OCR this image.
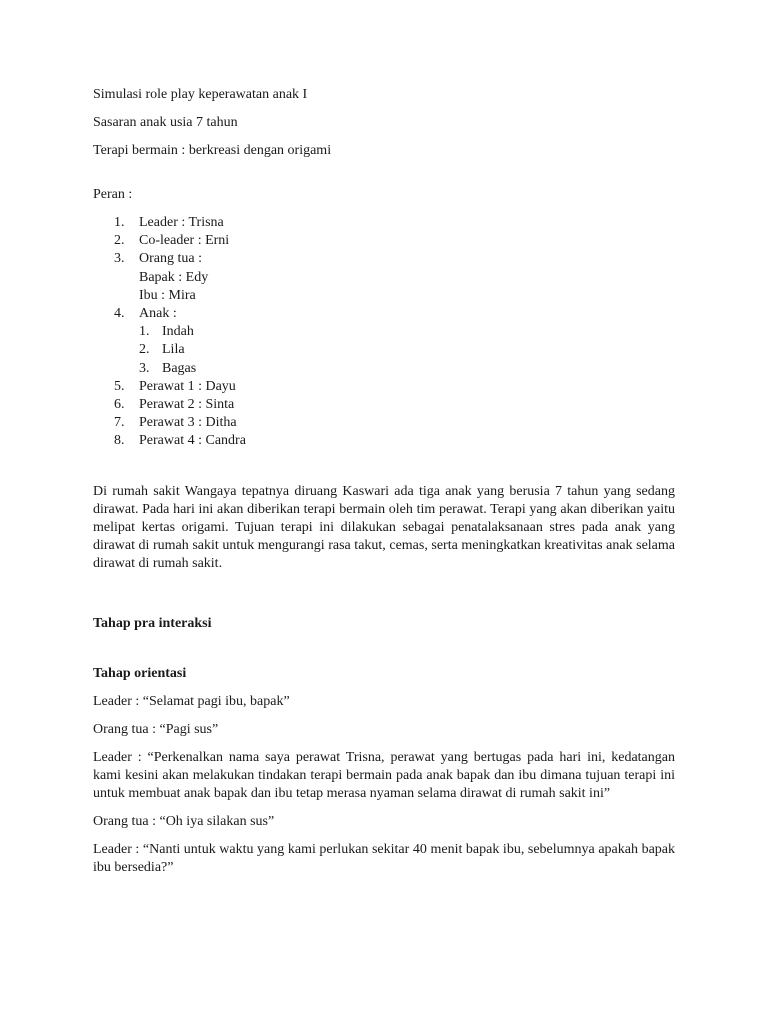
Simulasi role play keperawatan anak I

Sasaran anak usia 7 tahun

Terapi bermain : berkreasi dengan origami

Peran :

1. Leader : Trisna
2. Co-leader : Erni
3. Orang tua :
Bapak : Edy
Ibu : Mira
4. Anak :
1. Indah
2. Lila
3. Bagas
5. Perawat 1 : Dayu
6. Perawat 2 : Sinta
7. Perawat 3 : Ditha
8. Perawat 4 : Candra

Di rumah sakit Wangaya tepatnya diruang Kaswari ada tiga anak yang berusia 7 tahun yang sedang dirawat. Pada hari ini akan diberikan terapi bermain oleh tim perawat. Terapi yang akan diberikan yaitu melipat kertas origami. Tujuan terapi ini dilakukan sebagai penatalaksanaan stres pada anak yang dirawat di rumah sakit untuk mengurangi rasa takut, cemas, serta meningkatkan kreativitas anak selama dirawat di rumah sakit.

Tahap pra interaksi

Tahap orientasi

Leader : “Selamat pagi ibu, bapak”

Orang tua : “Pagi sus”

Leader : “Perkenalkan nama saya perawat Trisna, perawat yang bertugas pada hari ini, kedatangan kami kesini akan melakukan tindakan terapi bermain pada anak bapak dan ibu dimana tujuan terapi ini untuk membuat anak bapak dan ibu tetap merasa nyaman selama dirawat di rumah sakit ini”

Orang tua : “Oh iya silakan sus”

Leader : “Nanti untuk waktu yang kami perlukan sekitar 40 menit bapak ibu, sebelumnya apakah bapak ibu bersedia?”
